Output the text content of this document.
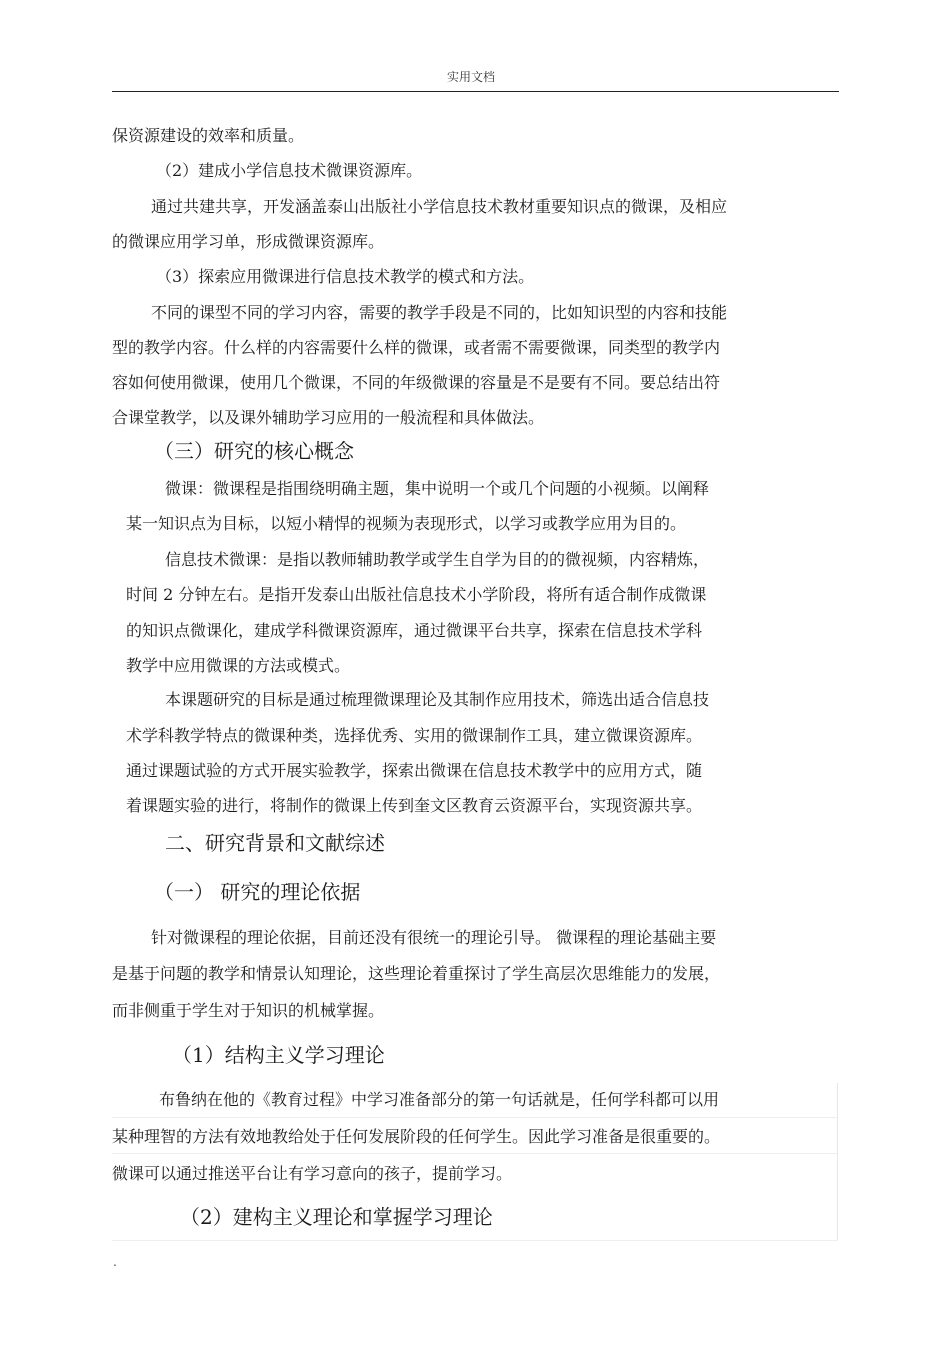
实用文档
保资源建设的效率和质量。
（2）建成小学信息技术微课资源库。
通过共建共享，开发涵盖泰山出版社小学信息技术教材重要知识点的微课，及相应
的微课应用学习单，形成微课资源库。
（3）探索应用微课进行信息技术教学的模式和方法。
不同的课型不同的学习内容，需要的教学手段是不同的，比如知识型的内容和技能
型的教学内容。什么样的内容需要什么样的微课，或者需不需要微课，同类型的教学内
容如何使用微课，使用几个微课，不同的年级微课的容量是不是要有不同。要总结出符
合课堂教学，以及课外辅助学习应用的一般流程和具体做法。
（三）研究的核心概念
微课：微课程是指围绕明确主题，集中说明一个或几个问题的小视频。以阐释
某一知识点为目标，以短小精悍的视频为表现形式，以学习或教学应用为目的。
信息技术微课：是指以教师辅助教学或学生自学为目的的微视频，内容精炼，
时间 2 分钟左右。是指开发泰山出版社信息技术小学阶段，将所有适合制作成微课
的知识点微课化，建成学科微课资源库，通过微课平台共享，探索在信息技术学科
教学中应用微课的方法或模式。
本课题研究的目标是通过梳理微课理论及其制作应用技术，筛选出适合信息技
术学科教学特点的微课种类，选择优秀、实用的微课制作工具，建立微课资源库。
通过课题试验的方式开展实验教学，探索出微课在信息技术教学中的应用方式，随
着课题实验的进行，将制作的微课上传到奎文区教育云资源平台，实现资源共享。
二、研究背景和文献综述
（一） 研究的理论依据
针对微课程的理论依据，目前还没有很统一的理论引导。 微课程的理论基础主要
是基于问题的教学和情景认知理论，这些理论着重探讨了学生高层次思维能力的发展，
而非侧重于学生对于知识的机械掌握。
（1）结构主义学习理论
布鲁纳在他的《教育过程》中学习准备部分的第一句话就是，任何学科都可以用
某种理智的方法有效地教给处于任何发展阶段的任何学生。因此学习准备是很重要的。
微课可以通过推送平台让有学习意向的孩子，提前学习。
（2）建构主义理论和掌握学习理论
.
